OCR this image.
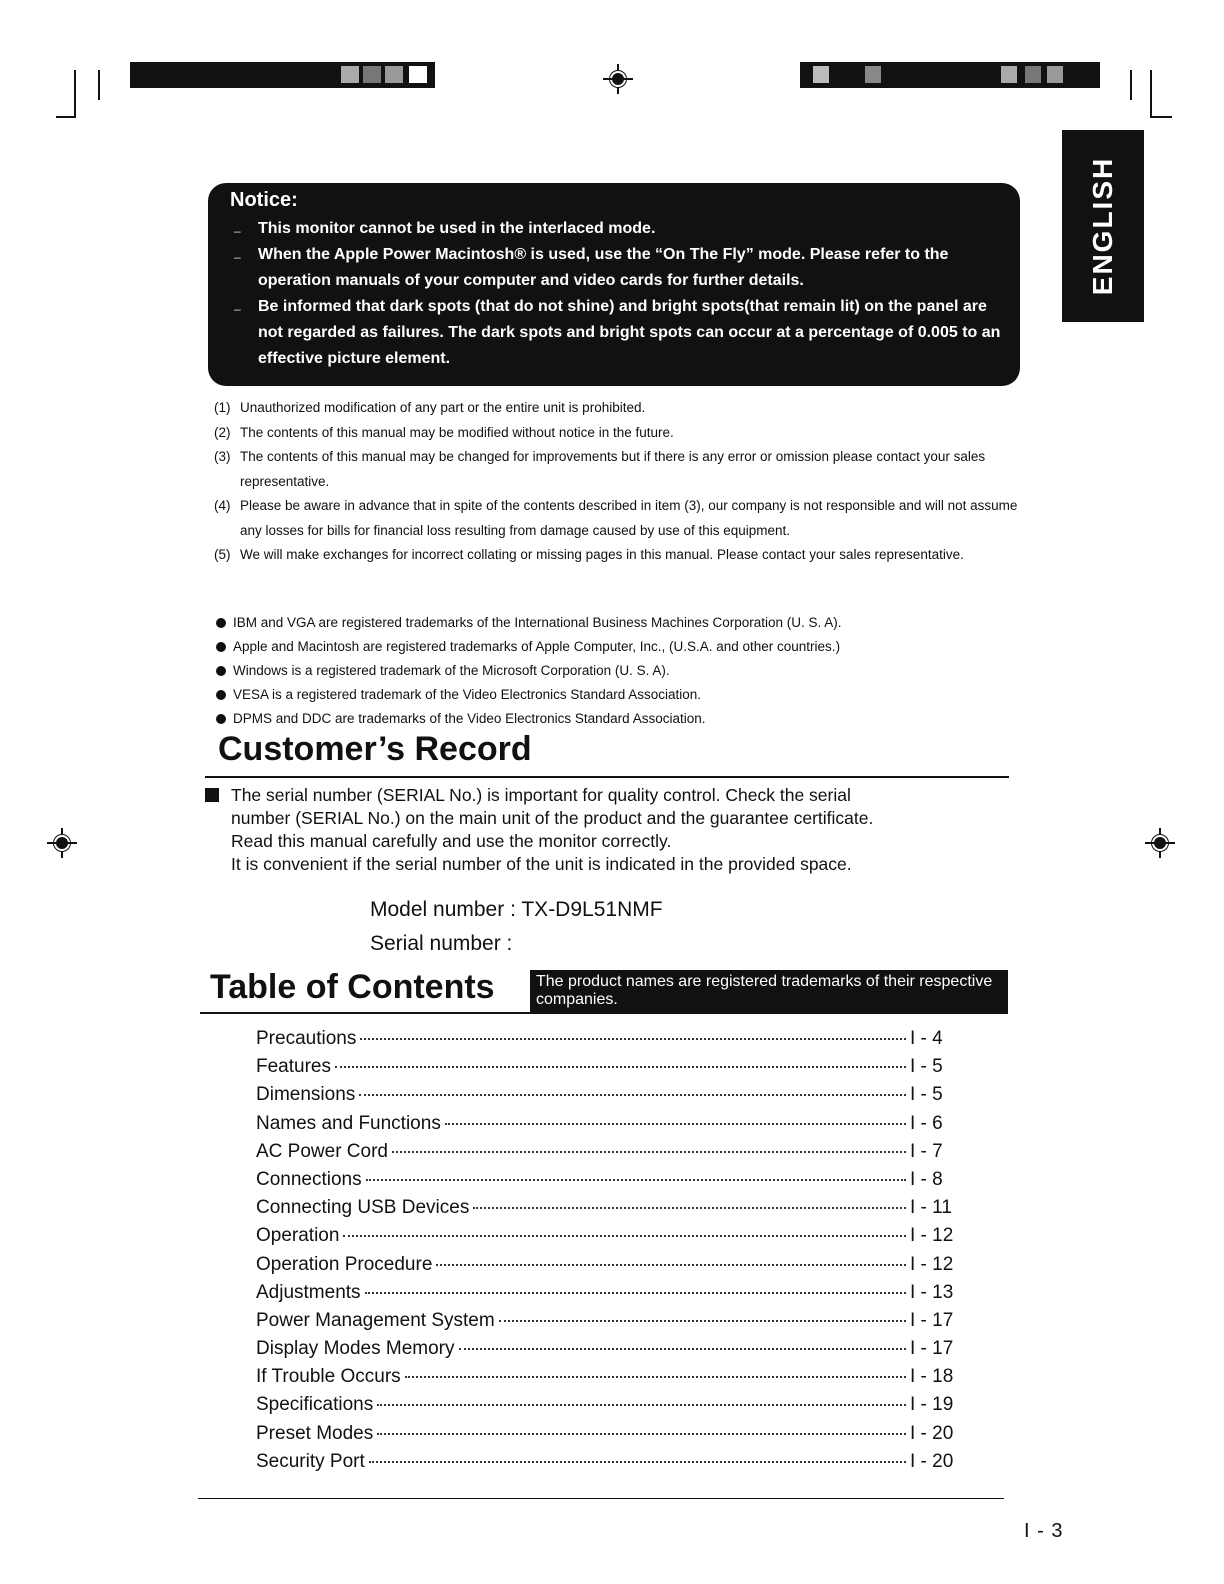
ENGLISH
Notice:
– This monitor cannot be used in the interlaced mode.
– When the Apple Power Macintosh® is used, use the “On The Fly” mode. Please refer to the operation manuals of your computer and video cards for further details.
– Be informed that dark spots (that do not shine) and bright spots(that remain lit) on the panel are not regarded as failures. The dark spots and bright spots can occur at a percentage of 0.005 to an effective picture element.
(1) Unauthorized modification of any part or the entire unit is prohibited.
(2) The contents of this manual may be modified without notice in the future.
(3) The contents of this manual may be changed for improvements but if there is any error or omission please contact your sales representative.
(4) Please be aware in advance that in spite of the contents described in item (3), our company is not responsible and will not assume any losses for bills for financial loss resulting from damage caused by use of this equipment.
(5) We will make exchanges for incorrect collating or missing pages in this manual. Please contact your sales representative.
IBM and VGA are registered trademarks of the International Business Machines Corporation (U. S. A).
Apple and Macintosh are registered trademarks of Apple Computer, Inc., (U.S.A. and other countries.)
Windows is a registered trademark of the Microsoft Corporation (U. S. A).
VESA is a registered trademark of the Video Electronics Standard Association.
DPMS and DDC are trademarks of the Video Electronics Standard Association.
Customer’s Record
The serial number (SERIAL No.) is important for quality control. Check the serial
number (SERIAL No.) on the main unit of the product and the guarantee certificate.
Read this manual carefully and use the monitor correctly.
It is convenient if the serial number of the unit is indicated in the provided space.
Model number : TX-D9L51NMF
Serial number :
Table of Contents	The product names are registered trademarks of their respective companies.
Precautions	I - 4
Features	I - 5
Dimensions	I - 5
Names and Functions	I - 6
AC Power Cord	I - 7
Connections	I - 8
Connecting USB Devices	I - 11
Operation	I - 12
Operation Procedure	I - 12
Adjustments	I - 13
Power Management System	I - 17
Display Modes Memory	I - 17
If Trouble Occurs	I - 18
Specifications	I - 19
Preset Modes	I - 20
Security Port	I - 20
I - 3
